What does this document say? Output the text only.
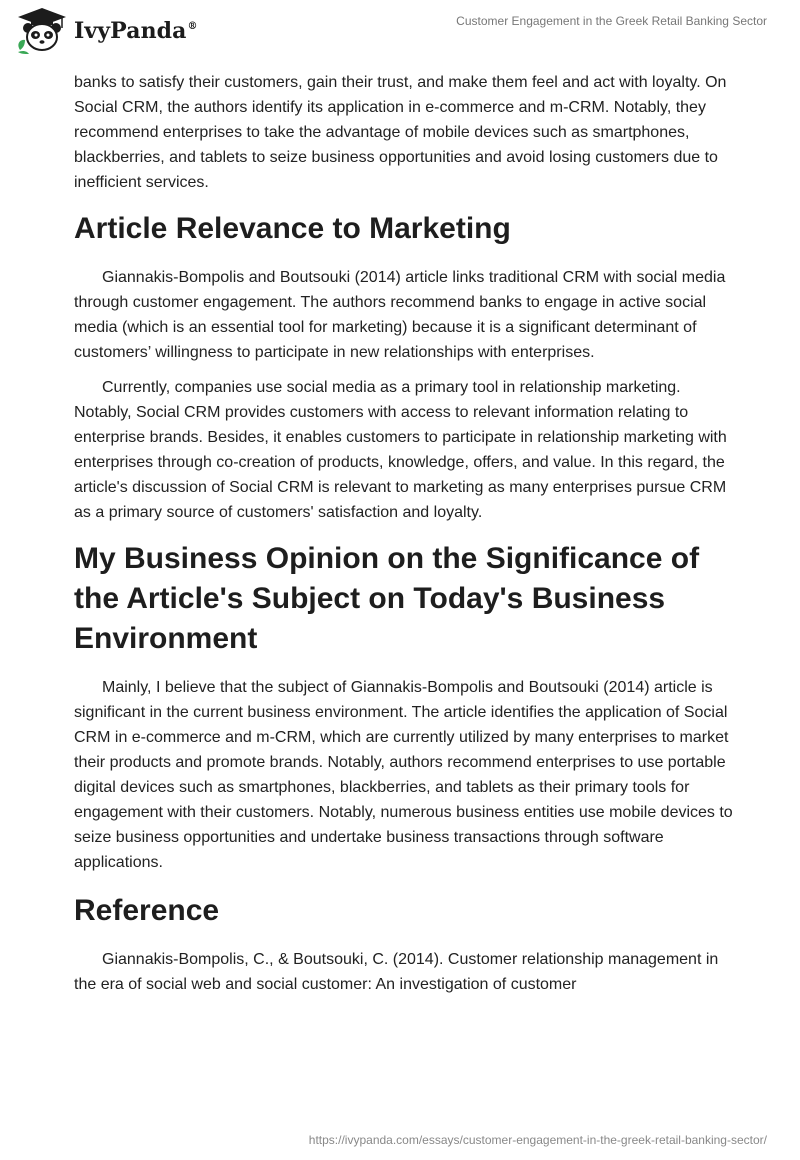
IvyPanda®	Customer Engagement in the Greek Retail Banking Sector

banks to satisfy their customers, gain their trust, and make them feel and act with loyalty. On Social CRM, the authors identify its application in e-commerce and m-CRM. Notably, they recommend enterprises to take the advantage of mobile devices such as smartphones, blackberries, and tablets to seize business opportunities and avoid losing customers due to inefficient services.

Article Relevance to Marketing

Giannakis-Bompolis and Boutsouki (2014) article links traditional CRM with social media through customer engagement. The authors recommend banks to engage in active social media (which is an essential tool for marketing) because it is a significant determinant of customers’ willingness to participate in new relationships with enterprises.

Currently, companies use social media as a primary tool in relationship marketing. Notably, Social CRM provides customers with access to relevant information relating to enterprise brands. Besides, it enables customers to participate in relationship marketing with enterprises through co-creation of products, knowledge, offers, and value. In this regard, the article's discussion of Social CRM is relevant to marketing as many enterprises pursue CRM as a primary source of customers' satisfaction and loyalty.

My Business Opinion on the Significance of the Article's Subject on Today's Business Environment

Mainly, I believe that the subject of Giannakis-Bompolis and Boutsouki (2014) article is significant in the current business environment. The article identifies the application of Social CRM in e-commerce and m-CRM, which are currently utilized by many enterprises to market their products and promote brands. Notably, authors recommend enterprises to use portable digital devices such as smartphones, blackberries, and tablets as their primary tools for engagement with their customers. Notably, numerous business entities use mobile devices to seize business opportunities and undertake business transactions through software applications.

Reference

Giannakis-Bompolis, C., & Boutsouki, C. (2014). Customer relationship management in the era of social web and social customer: An investigation of customer

https://ivypanda.com/essays/customer-engagement-in-the-greek-retail-banking-sector/
